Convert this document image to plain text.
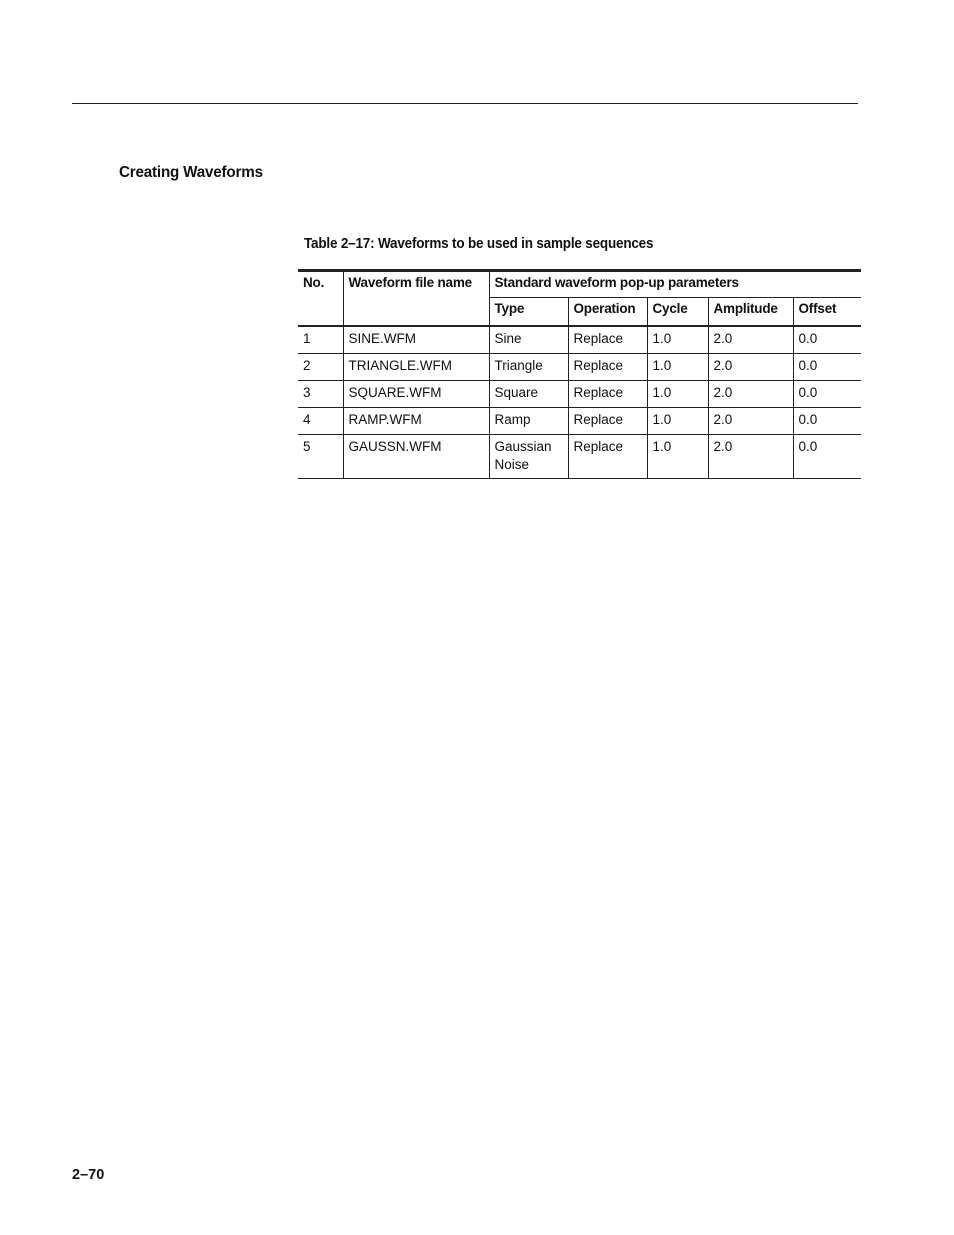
Creating Waveforms
Table 2–17: Waveforms to be used in sample sequences
No.	Waveform file name	Standard waveform pop-up parameters				
		Type	Operation	Cycle	Amplitude	Offset
1	SINE.WFM	Sine	Replace	1.0	2.0	0.0
2	TRIANGLE.WFM	Triangle	Replace	1.0	2.0	0.0
3	SQUARE.WFM	Square	Replace	1.0	2.0	0.0
4	RAMP.WFM	Ramp	Replace	1.0	2.0	0.0
5	GAUSSN.WFM	Gaussian Noise	Replace	1.0	2.0	0.0
2–70
